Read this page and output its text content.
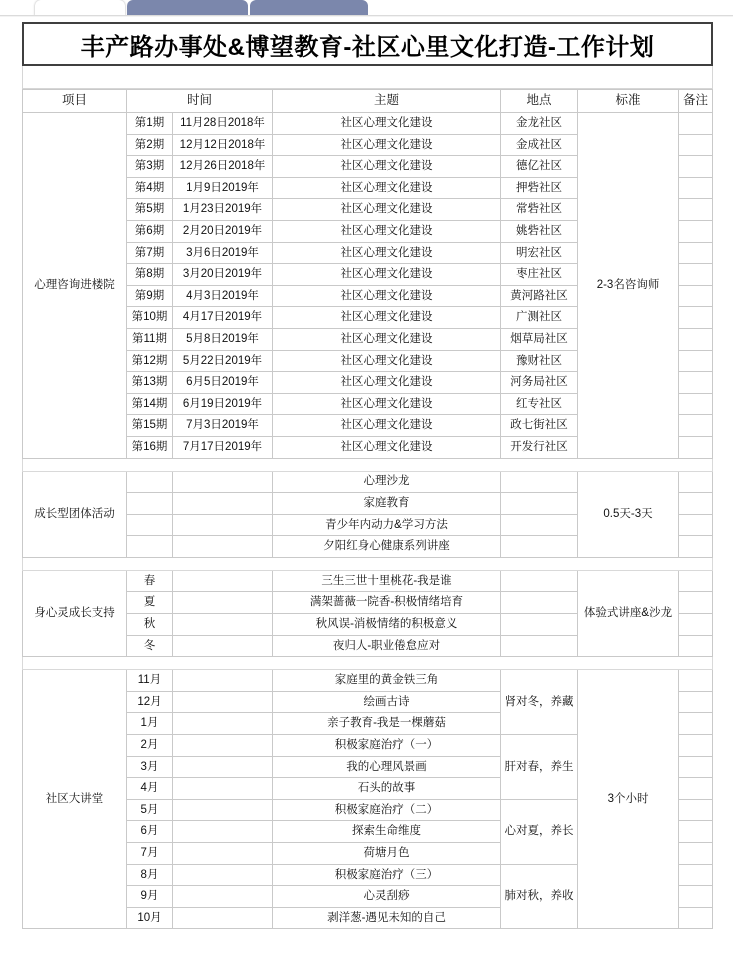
丰产路办事处&博望教育-社区心里文化打造-工作计划
项目	时间		主题	地点	标准	备注
心理咨询进楼院	第1期	11月28日2018年	社区心理文化建设	金龙社区	2-3名咨询师	
	第2期	12月12日2018年	社区心理文化建设	金成社区		
	第3期	12月26日2018年	社区心理文化建设	德亿社区		
	第4期	1月9日2019年	社区心理文化建设	押砦社区		
	第5期	1月23日2019年	社区心理文化建设	常砦社区		
	第6期	2月20日2019年	社区心理文化建设	姚砦社区		
	第7期	3月6日2019年	社区心理文化建设	明宏社区		
	第8期	3月20日2019年	社区心理文化建设	枣庄社区		
	第9期	4月3日2019年	社区心理文化建设	黄河路社区		
	第10期	4月17日2019年	社区心理文化建设	广测社区		
	第11期	5月8日2019年	社区心理文化建设	烟草局社区		
	第12期	5月22日2019年	社区心理文化建设	豫财社区		
	第13期	6月5日2019年	社区心理文化建设	河务局社区		
	第14期	6月19日2019年	社区心理文化建设	红专社区		
	第15期	7月3日2019年	社区心理文化建设	政七街社区		
	第16期	7月17日2019年	社区心理文化建设	开发行社区		

成长型团体活动			心理沙龙		0.5天-3天	
			家庭教育			
			青少年内动力&学习方法			
			夕阳红身心健康系列讲座			

身心灵成长支持	春		三生三世十里桃花-我是谁		体验式讲座&沙龙	
	夏		满架蔷薇一院香-积极情绪培育			
	秋		秋风误-消极情绪的积极意义			
	冬		夜归人-职业倦怠应对			

社区大讲堂	11月		家庭里的黄金铁三角	肾对冬，养藏	3个小时	
	12月		绘画古诗			
	1月		亲子教育-我是一棵蘑菇			
	2月		积极家庭治疗（一）	肝对春，养生		
	3月		我的心理风景画			
	4月		石头的故事			
	5月		积极家庭治疗（二）	心对夏，养长		
	6月		探索生命维度			
	7月		荷塘月色			
	8月		积极家庭治疗（三）	肺对秋，养收		
	9月		心灵刮痧			
	10月		剥洋葱-遇见未知的自己			
